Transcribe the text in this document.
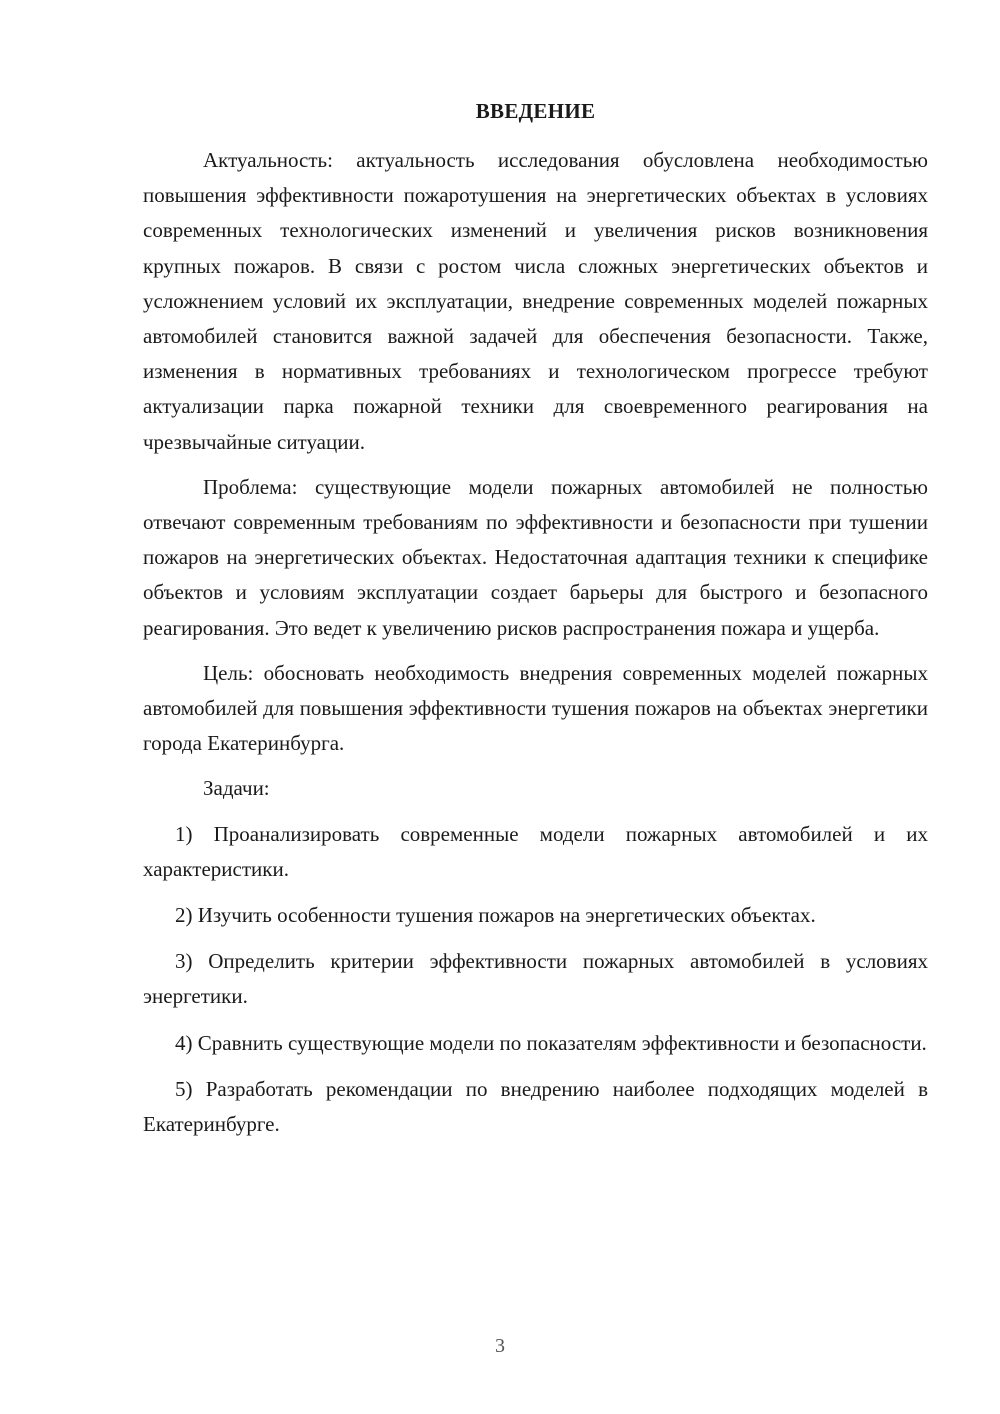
ВВЕДЕНИЕ

Актуальность: актуальность исследования обусловлена необходимостью повышения эффективности пожаротушения на энергетических объектах в условиях современных технологических изменений и увеличения рисков возникновения крупных пожаров. В связи с ростом числа сложных энергетических объектов и усложнением условий их эксплуатации, внедрение современных моделей пожарных автомобилей становится важной задачей для обеспечения безопасности. Также, изменения в нормативных требованиях и технологическом прогрессе требуют актуализации парка пожарной техники для своевременного реагирования на чрезвычайные ситуации.

Проблема: существующие модели пожарных автомобилей не полностью отвечают современным требованиям по эффективности и безопасности при тушении пожаров на энергетических объектах. Недостаточная адаптация техники к специфике объектов и условиям эксплуатации создает барьеры для быстрого и безопасного реагирования. Это ведет к увеличению рисков распространения пожара и ущерба.

Цель: обосновать необходимость внедрения современных моделей пожарных автомобилей для повышения эффективности тушения пожаров на объектах энергетики города Екатеринбурга.

Задачи:

1) Проанализировать современные модели пожарных автомобилей и их характеристики.

2) Изучить особенности тушения пожаров на энергетических объектах.

3) Определить критерии эффективности пожарных автомобилей в условиях энергетики.

4) Сравнить существующие модели по показателям эффективности и безопасности.

5) Разработать рекомендации по внедрению наиболее подходящих моделей в Екатеринбурге.

3
